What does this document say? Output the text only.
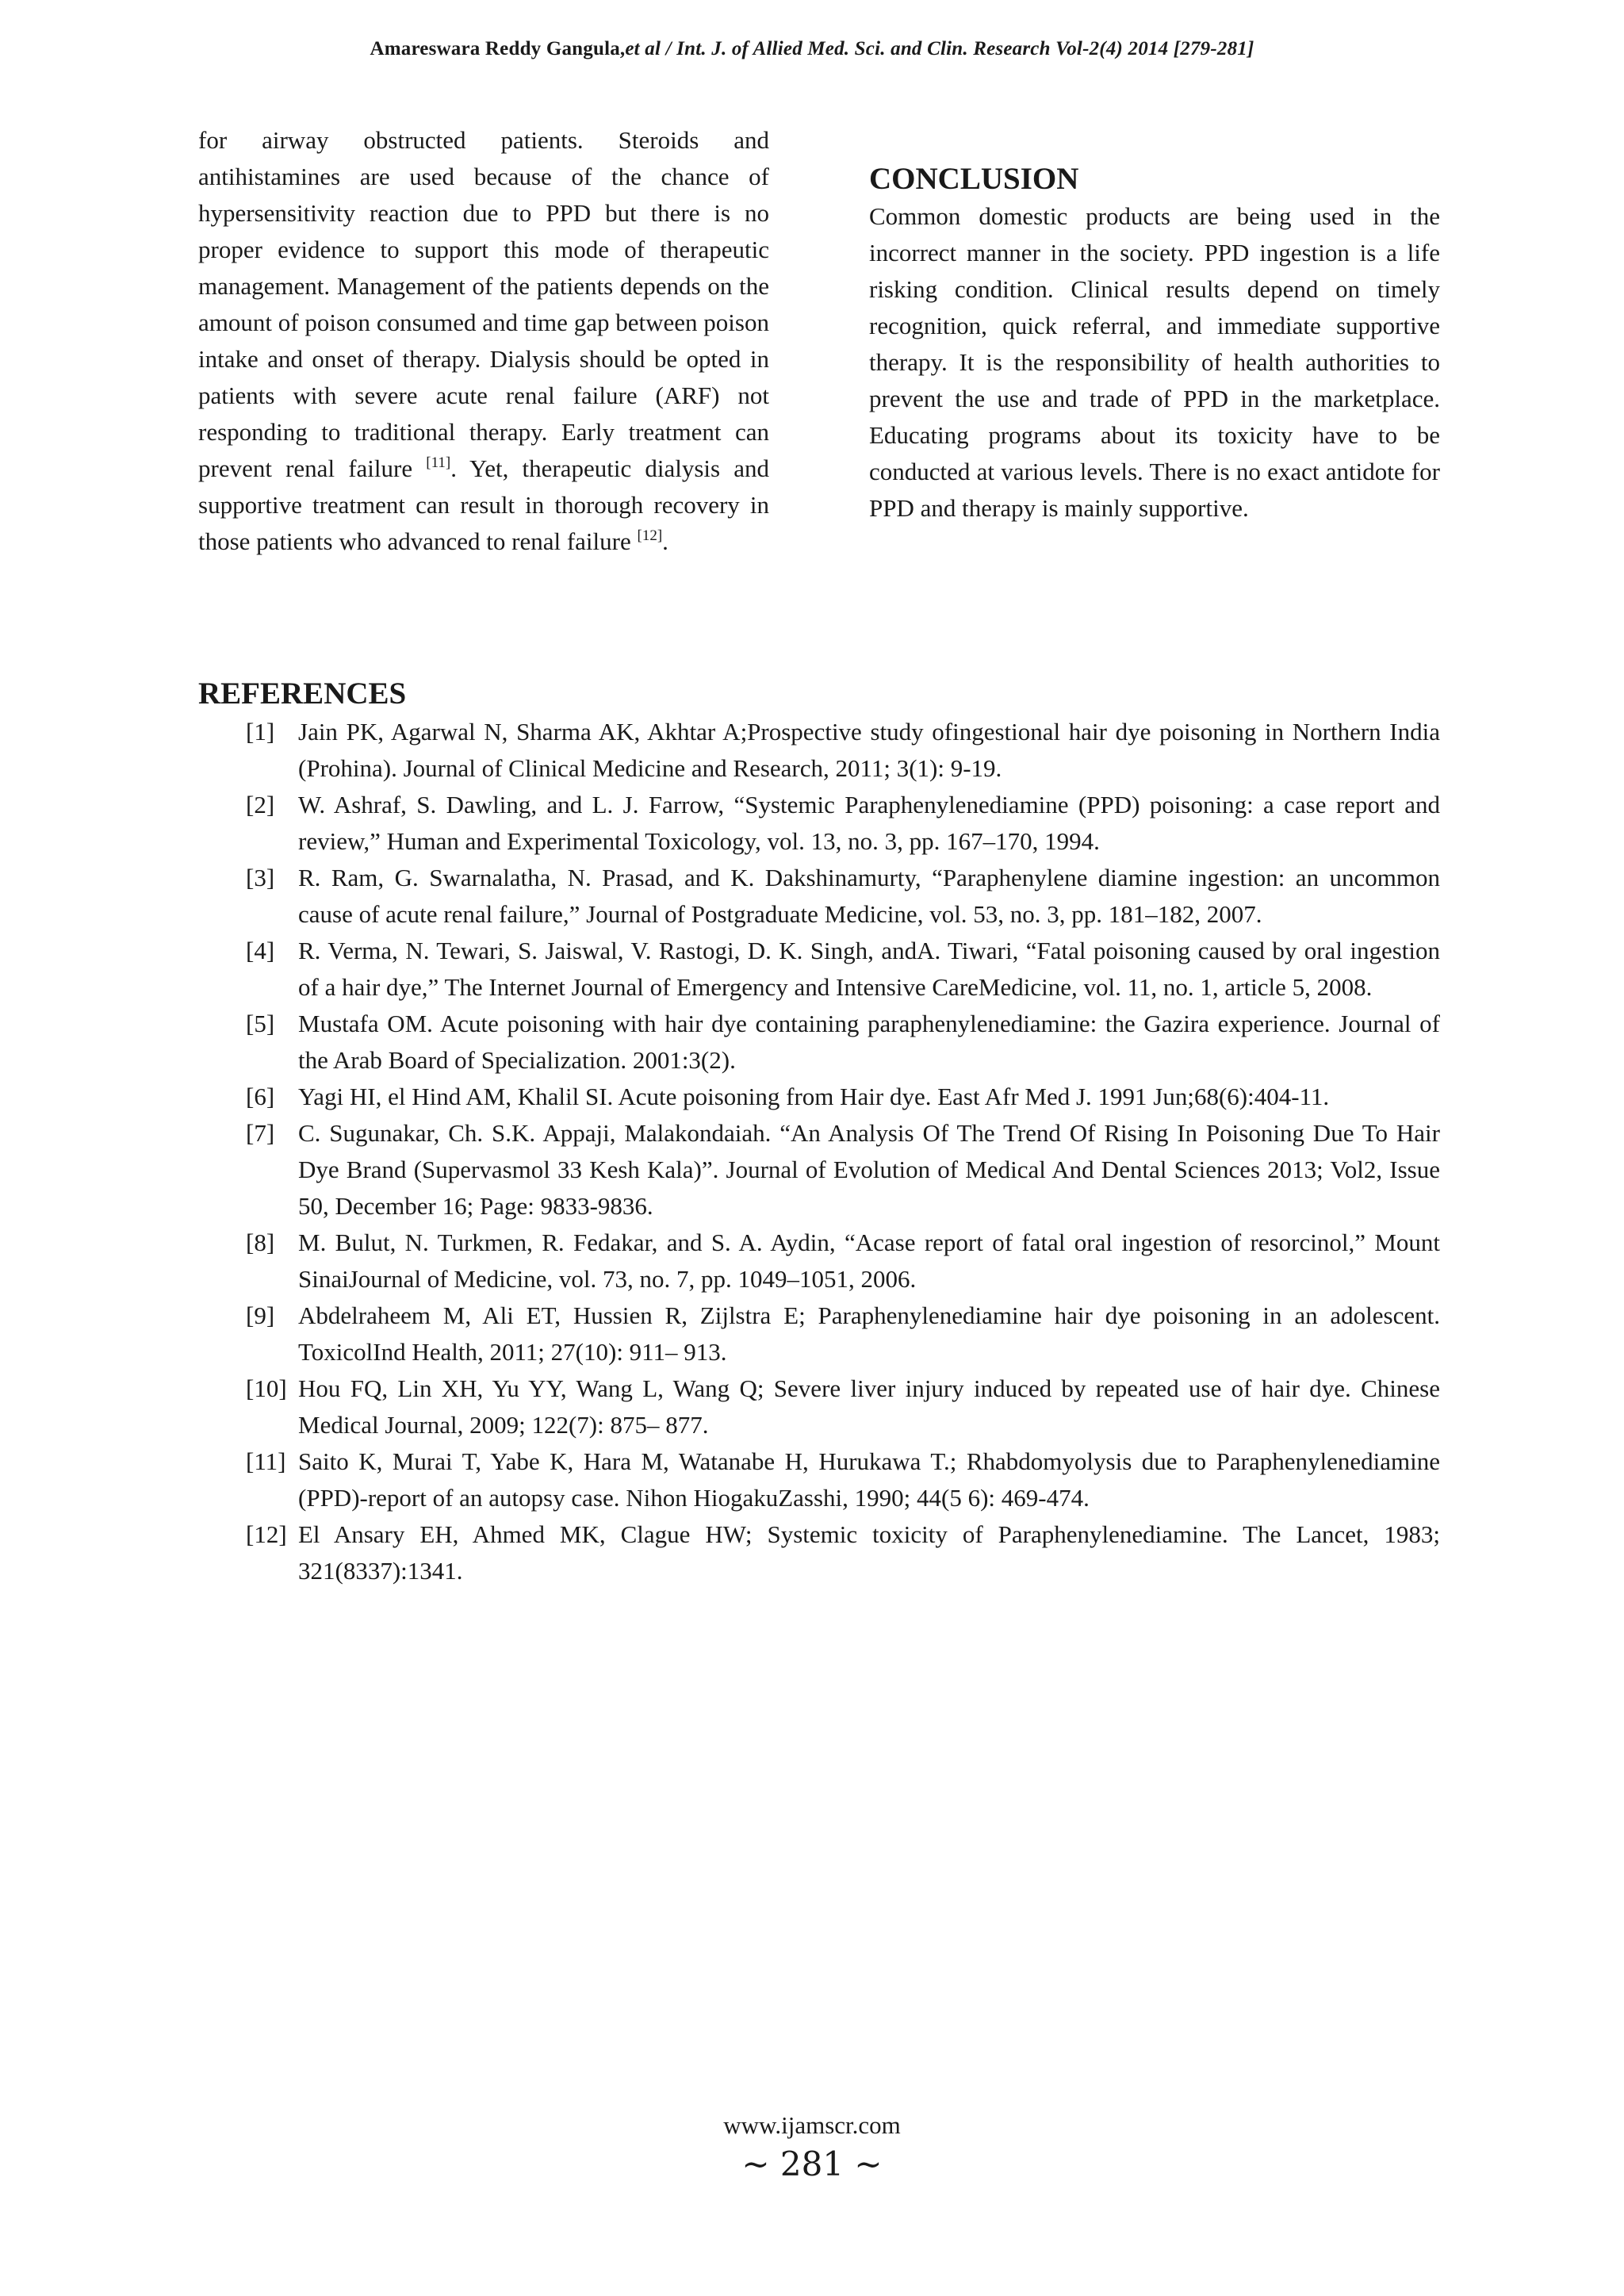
Amareswara Reddy Gangula,et al / Int. J. of Allied Med. Sci. and Clin. Research Vol-2(4) 2014 [279-281]

for airway obstructed patients. Steroids and antihistamines are used because of the chance of hypersensitivity reaction due to PPD but there is no proper evidence to support this mode of therapeutic management. Management of the patients depends on the amount of poison consumed and time gap between poison intake and onset of therapy. Dialysis should be opted in patients with severe acute renal failure (ARF) not responding to traditional therapy. Early treatment can prevent renal failure [11]. Yet, therapeutic dialysis and supportive treatment can result in thorough recovery in those patients who advanced to renal failure [12].

CONCLUSION

Common domestic products are being used in the incorrect manner in the society. PPD ingestion is a life risking condition. Clinical results depend on timely recognition, quick referral, and immediate supportive therapy. It is the responsibility of health authorities to prevent the use and trade of PPD in the marketplace. Educating programs about its toxicity have to be conducted at various levels. There is no exact antidote for PPD and therapy is mainly supportive.

REFERENCES
[1] Jain PK, Agarwal N, Sharma AK, Akhtar A;Prospective study ofingestional hair dye poisoning in Northern India (Prohina). Journal of Clinical Medicine and Research, 2011; 3(1): 9-19.
[2] W. Ashraf, S. Dawling, and L. J. Farrow, “Systemic Paraphenylenediamine (PPD) poisoning: a case report and review,” Human and Experimental Toxicology, vol. 13, no. 3, pp. 167–170, 1994.
[3] R. Ram, G. Swarnalatha, N. Prasad, and K. Dakshinamurty, “Paraphenylene diamine ingestion: an uncommon cause of acute renal failure,” Journal of Postgraduate Medicine, vol. 53, no. 3, pp. 181–182, 2007.
[4] R. Verma, N. Tewari, S. Jaiswal, V. Rastogi, D. K. Singh, andA. Tiwari, “Fatal poisoning caused by oral ingestion of a hair dye,” The Internet Journal of Emergency and Intensive CareMedicine, vol. 11, no. 1, article 5, 2008.
[5] Mustafa OM. Acute poisoning with hair dye containing paraphenylenediamine: the Gazira experience. Journal of the Arab Board of Specialization. 2001:3(2).
[6] Yagi HI, el Hind AM, Khalil SI. Acute poisoning from Hair dye. East Afr Med J. 1991 Jun;68(6):404-11.
[7] C. Sugunakar, Ch. S.K. Appaji, Malakondaiah. “An Analysis Of The Trend Of Rising In Poisoning Due To Hair Dye Brand (Supervasmol 33 Kesh Kala)”. Journal of Evolution of Medical And Dental Sciences 2013; Vol2, Issue 50, December 16; Page: 9833-9836.
[8] M. Bulut, N. Turkmen, R. Fedakar, and S. A. Aydin, “Acase report of fatal oral ingestion of resorcinol,” Mount SinaiJournal of Medicine, vol. 73, no. 7, pp. 1049–1051, 2006.
[9] Abdelraheem M, Ali ET, Hussien R, Zijlstra E; Paraphenylenediamine hair dye poisoning in an adolescent. ToxicolInd Health, 2011; 27(10): 911– 913.
[10] Hou FQ, Lin XH, Yu YY, Wang L, Wang Q; Severe liver injury induced by repeated use of hair dye. Chinese Medical Journal, 2009; 122(7): 875– 877.
[11] Saito K, Murai T, Yabe K, Hara M, Watanabe H, Hurukawa T.; Rhabdomyolysis due to Paraphenylenediamine (PPD)-report of an autopsy case. Nihon HiogakuZasshi, 1990; 44(5 6): 469-474.
[12] El Ansary EH, Ahmed MK, Clague HW; Systemic toxicity of Paraphenylenediamine. The Lancet, 1983; 321(8337):1341.
www.ijamscr.com
~ 281 ~
